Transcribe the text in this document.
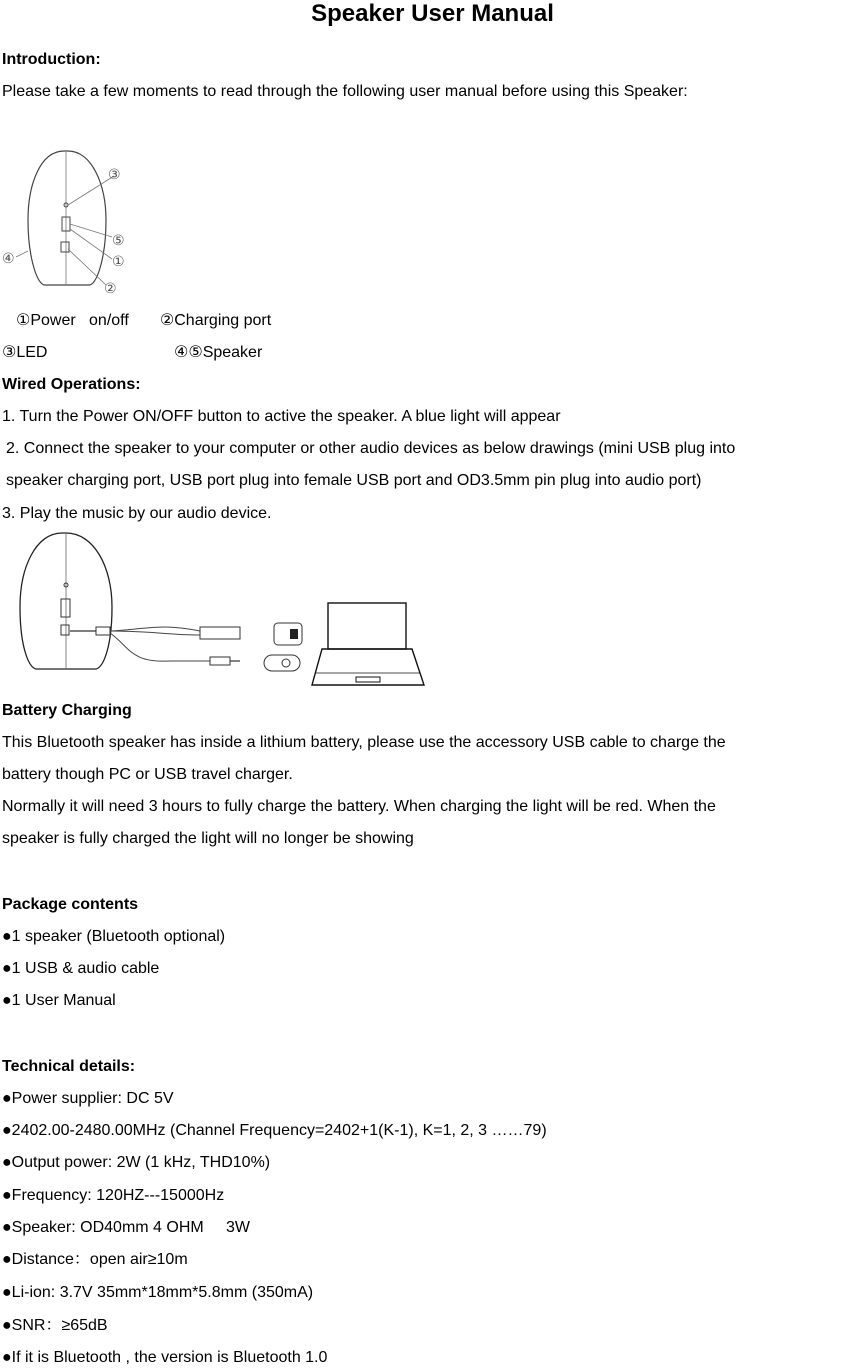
Speaker User Manual
Introduction:
Please take a few moments to read through the following user manual before using this Speaker:
③
⑤
①
④
②
①Power   on/off       ②Charging port
③LED	④⑤Speaker
Wired Operations:
1. Turn the Power ON/OFF button to active the speaker. A blue light will appear
2. Connect the speaker to your computer or other audio devices as below drawings (mini USB plug into
speaker charging port, USB port plug into female USB port and OD3.5mm pin plug into audio port)
3. Play the music by our audio device.
Battery Charging
This Bluetooth speaker has inside a lithium battery, please use the accessory USB cable to charge the
battery though PC or USB travel charger.
Normally it will need 3 hours to fully charge the battery. When charging the light will be red. When the
speaker is fully charged the light will no longer be showing
Package contents
●1 speaker (Bluetooth optional)
●1 USB & audio cable
●1 User Manual
Technical details:
●Power supplier: DC 5V
●2402.00-2480.00MHz (Channel Frequency=2402+1(K-1), K=1, 2, 3 ……79)
●Output power: 2W (1 kHz, THD10%)
●Frequency: 120HZ---15000Hz
●Speaker: OD40mm 4 OHM     3W
●Distance：open air≥10m
●Li-ion: 3.7V 35mm*18mm*5.8mm (350mA)
●SNR：≥65dB
●If it is Bluetooth , the version is Bluetooth 1.0
